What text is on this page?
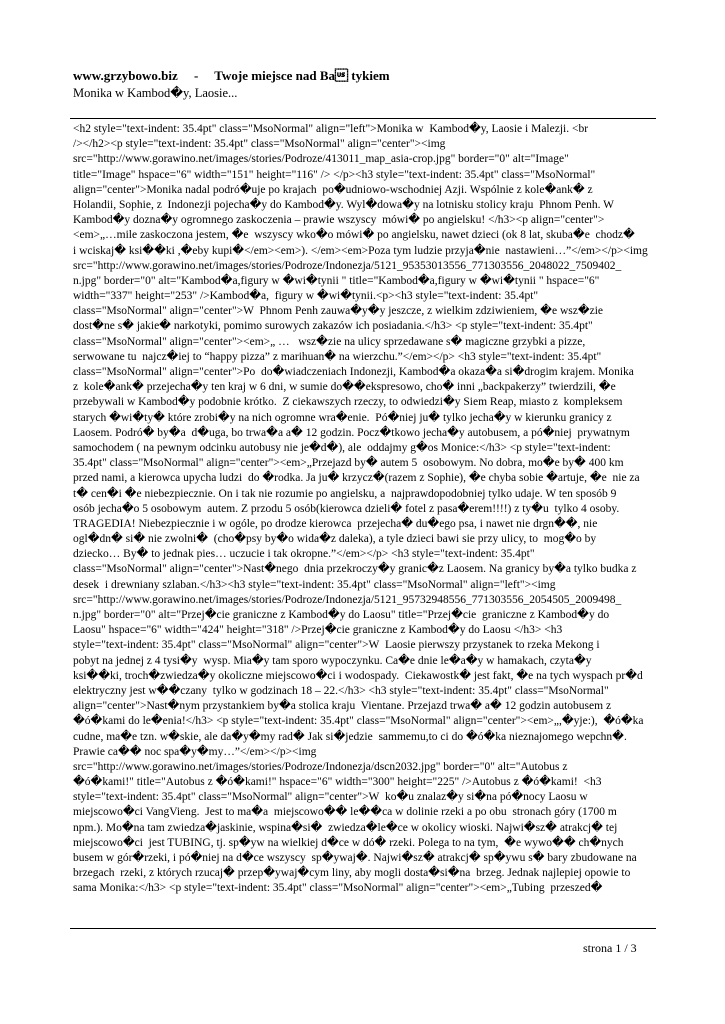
www.grzybowo.biz     -     Twoje miejsce nad Ba tykiem
Monika w Kambod�y, Laosie...
<h2 style="text-indent: 35.4pt" class="MsoNormal" align="left">Monika w  Kambod�y, Laosie i Malezji. <br
/></h2><p style="text-indent: 35.4pt" class="MsoNormal" align="center"><img
src="http://www.gorawino.net/images/stories/Podroze/413011_map_asia-crop.jpg" border="0" alt="Image"
title="Image" hspace="6" width="151" height="116" /> </p><h3 style="text-indent: 35.4pt" class="MsoNormal"
align="center">Monika nadal podró�uje po krajach  po�udniowo-wschodniej Azji. Wspólnie z kole�ank� z
Holandii, Sophie, z  Indonezji pojecha�y do Kambod�y. Wyl�dowa�y na lotnisku stolicy kraju  Phnom Penh. W
Kambod�y dozna�y ogromnego zaskoczenia – prawie wszyscy  mówi� po angielsku! </h3><p align="center">
<em>„…mile zaskoczona jestem, �e  wszyscy wko�o mówi� po angielsku, nawet dzieci (ok 8 lat, skuba�e  chodz�
i wciskaj� ksi��ki ,�eby kupi�</em><em>). </em><em>Poza tym ludzie przyja�nie  nastawieni…”</em></p><img
src="http://www.gorawino.net/images/stories/Podroze/Indonezja/5121_95353013556_771303556_2048022_7509402_
n.jpg" border="0" alt="Kambod�a,figury w �wi�tynii " title="Kambod�a,figury w �wi�tynii " hspace="6"
width="337" height="253" />Kambod�a,  figury w �wi�tynii.<p><h3 style="text-indent: 35.4pt"
class="MsoNormal" align="center">W  Phnom Penh zauwa�y�y jeszcze, z wielkim zdziwieniem, �e wsz�zie
dost�ne s� jakie� narkotyki, pomimo surowych zakazów ich posiadania.</h3> <p style="text-indent: 35.4pt"
class="MsoNormal" align="center"><em>„ …   wsz�zie na ulicy sprzedawane s� magiczne grzybki a pizze,
serwowane tu  najcz�iej to “happy pizza” z marihuan� na wierzchu.”</em></p> <h3 style="text-indent: 35.4pt"
class="MsoNormal" align="center">Po  do�wiadczeniach Indonezji, Kambod�a okaza�a si�drogim krajem. Monika
z  kole�ank� przejecha�y ten kraj w 6 dni, w sumie do��ekspresowo, cho� inni „backpakerzy” twierdzili, �e
przebywali w Kambod�y podobnie krótko.  Z ciekawszych rzeczy, to odwiedzi�y Siem Reap, miasto z  kompleksem
starych �wi�ty� które zrobi�y na nich ogromne wra�enie.  Pó�niej ju� tylko jecha�y w kierunku granicy z
Laosem. Podró� by�a  d�uga, bo trwa�a a� 12 godzin. Pocz�tkowo jecha�y autobusem, a pó�niej  prywatnym
samochodem ( na pewnym odcinku autobusy nie je�d�), ale  oddajmy g�os Monice:</h3> <p style="text-indent:
35.4pt" class="MsoNormal" align="center"><em>„Przejazd by� autem 5  osobowym. No dobra, mo�e by� 400 km
przed nami, a kierowca upycha ludzi  do �rodka. Ja ju� krzycz�(razem z Sophie), �e chyba sobie �artuje, �e  nie za
t� cen�i �e niebezpiecznie. On i tak nie rozumie po angielsku, a  najprawdopodobniej tylko udaje. W ten sposób 9
osób jecha�o 5 osobowym  autem. Z przodu 5 osób(kierowca dzieli� fotel z pasa�erem!!!!) z ty�u  tylko 4 osoby.
TRAGEDIA! Niebezpiecznie i w ogóle, po drodze kierowca  przejecha� du�ego psa, i nawet nie drgn��, nie
ogl�dn� si� nie zwolni�  (cho�psy by�o wida�z daleka), a tyle dzieci bawi sie przy ulicy, to  mog�o by
dziecko… By� to jednak pies… uczucie i tak okropne.”</em></p> <h3 style="text-indent: 35.4pt"
class="MsoNormal" align="center">Nast�nego  dnia przekroczy�y granic�z Laosem. Na granicy by�a tylko budka z
desek  i drewniany szlaban.</h3><h3 style="text-indent: 35.4pt" class="MsoNormal" align="left"><img
src="http://www.gorawino.net/images/stories/Podroze/Indonezja/5121_95732948556_771303556_2054505_2009498_
n.jpg" border="0" alt="Przej�cie graniczne z Kambod�y do Laosu" title="Przej�cie  graniczne z Kambod�y do
Laosu" hspace="6" width="424" height="318" />Przej�cie graniczne z Kambod�y do Laosu </h3> <h3
style="text-indent: 35.4pt" class="MsoNormal" align="center">W  Laosie pierwszy przystanek to rzeka Mekong i
pobyt na jednej z 4 tysi�y  wysp. Mia�y tam sporo wypoczynku. Ca�e dnie le�a�y w hamakach, czyta�y
ksi��ki, troch�zwiedza�y okoliczne miejscowo�ci i wodospady.  Ciekawostk� jest fakt, �e na tych wyspach pr�d
elektryczny jest w��czany  tylko w godzinach 18 – 22.</h3> <h3 style="text-indent: 35.4pt" class="MsoNormal"
align="center">Nast�nym przystankiem by�a stolica kraju  Vientane. Przejazd trwa� a� 12 godzin autobusem z
�ó�kami do le�enia!</h3> <p style="text-indent: 35.4pt" class="MsoNormal" align="center"><em>„,�yje:),  �ó�ka
cudne, ma�e tzn. w�skie, ale da�y�my rad� Jak si�jedzie  sammemu,to ci do �ó�ka nieznajomego wepchn�.
Prawie ca�� noc spa�y�my…”</em></p><img
src="http://www.gorawino.net/images/stories/Podroze/Indonezja/dscn2032.jpg" border="0" alt="Autobus z
�ó�kami!" title="Autobus z �ó�kami!" hspace="6" width="300" height="225" />Autobus z �ó�kami!  <h3
style="text-indent: 35.4pt" class="MsoNormal" align="center">W  ko�u znalaz�y si�na pó�nocy Laosu w
miejscowo�ci VangVieng.  Jest to ma�a  miejscowo�� le��ca w dolinie rzeki a po obu  stronach góry (1700 m
npm.). Mo�na tam zwiedza�jaskinie, wspina�si�  zwiedza�le�ce w okolicy wioski. Najwi�sz� atrakcj� tej
miejscowo�ci  jest TUBING, tj. sp�yw na wielkiej d�ce w dó� rzeki. Polega to na tym,  �e wywo�� ch�nych
busem w gór�rzeki, i pó�niej na d�ce wszyscy  sp�ywaj�. Najwi�sz� atrakcj� sp�ywu s� bary zbudowane na
brzegach  rzeki, z których rzucaj� przep�ywaj�cym liny, aby mogli dosta�si�na  brzeg. Jednak najlepiej opowie to
sama Monika:</h3> <p style="text-indent: 35.4pt" class="MsoNormal" align="center"><em>„Tubing  przeszed�
strona 1 / 3
